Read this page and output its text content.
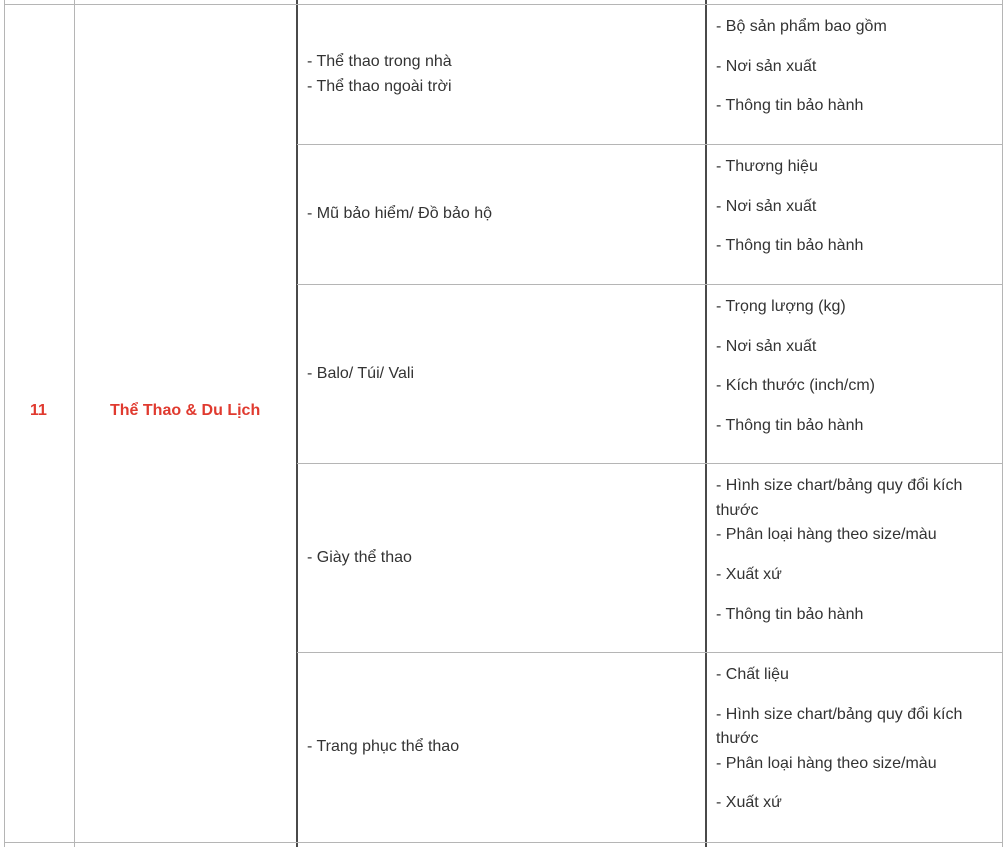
11	Thể Thao & Du Lịch
- Thể thao trong nhà
- Thể thao ngoài trời
- Bộ sản phẩm bao gồm
- Nơi sản xuất
- Thông tin bảo hành
- Mũ bảo hiểm/ Đồ bảo hộ
- Thương hiệu
- Nơi sản xuất
- Thông tin bảo hành
- Balo/ Túi/ Vali
- Trọng lượng (kg)
- Nơi sản xuất
- Kích thước (inch/cm)
- Thông tin bảo hành
- Giày thể thao
- Hình size chart/bảng quy đổi kích
thước
- Phân loại hàng theo size/màu
- Xuất xứ
- Thông tin bảo hành
- Trang phục thể thao
- Chất liệu
- Hình size chart/bảng quy đổi kích
thước
- Phân loại hàng theo size/màu
- Xuất xứ
